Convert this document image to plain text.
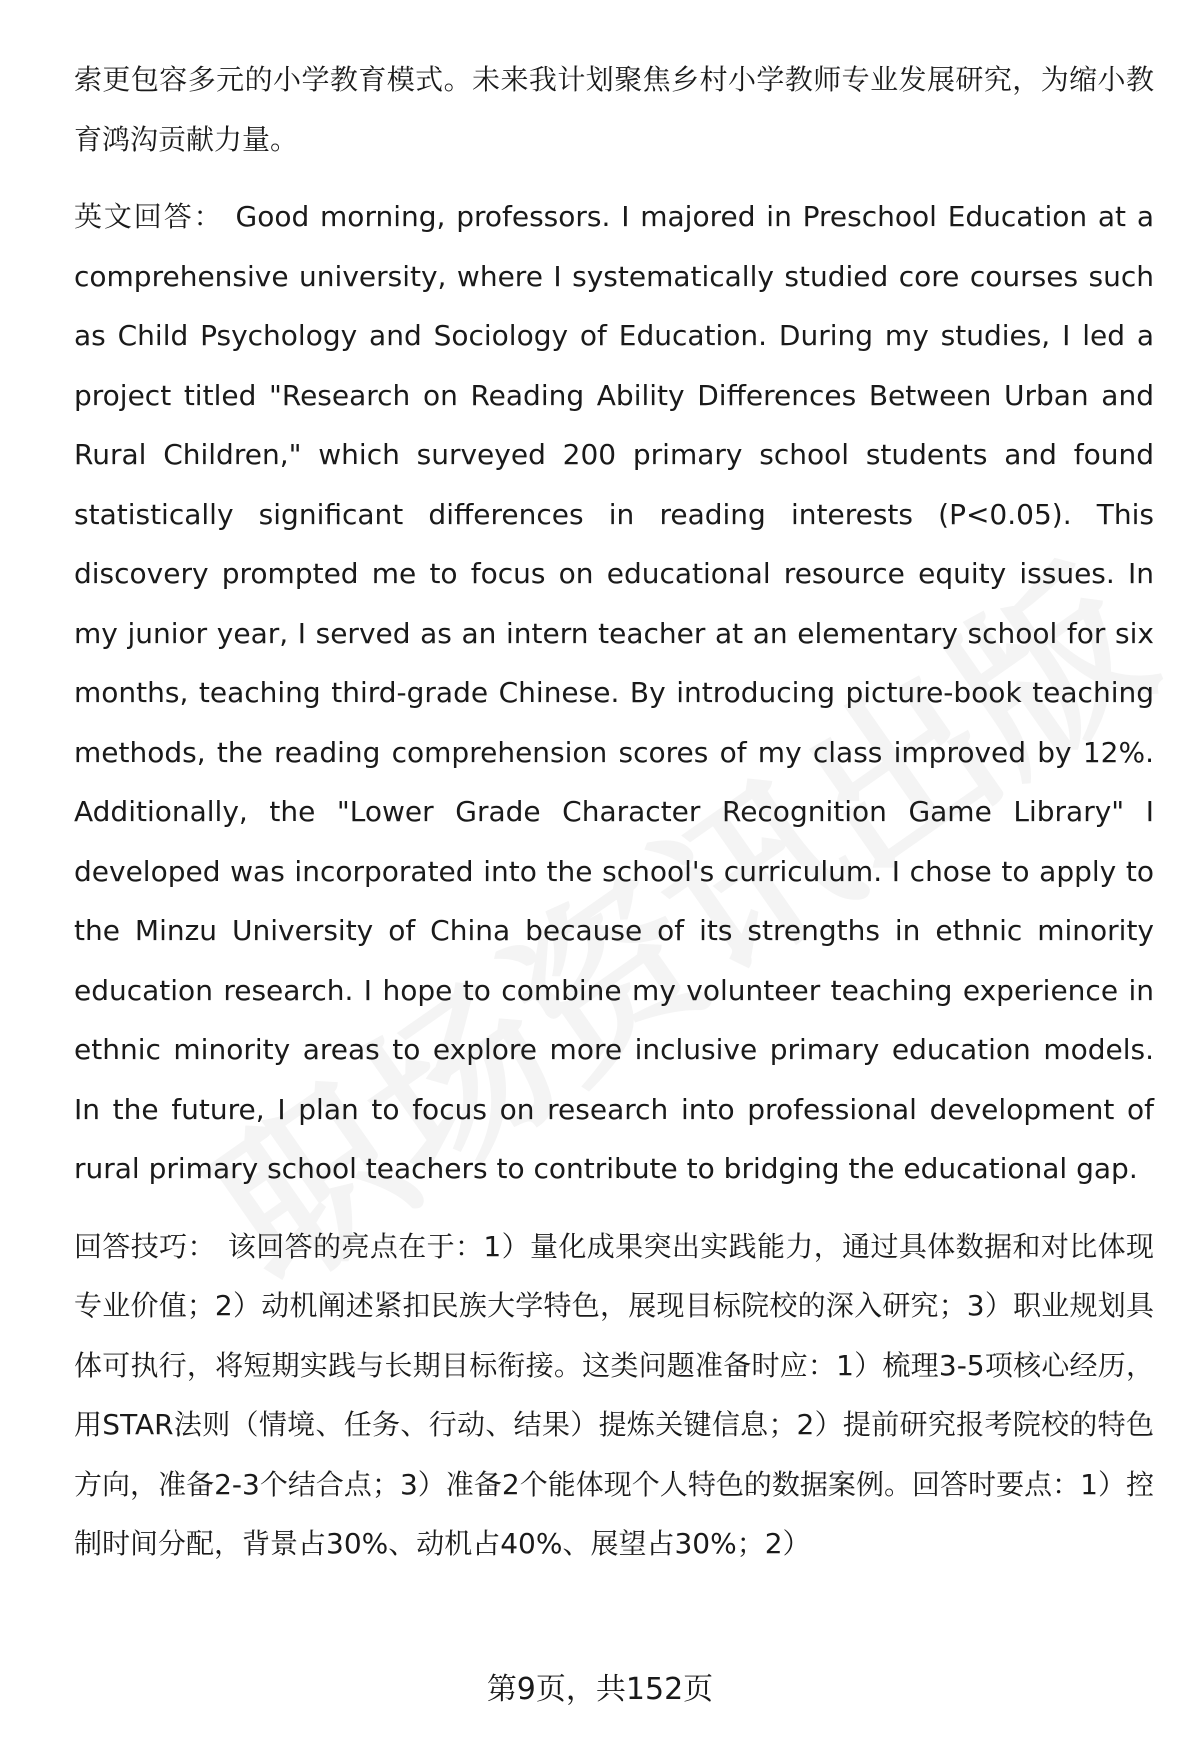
索更包容多元的小学教育模式。未来我计划聚焦乡村小学教师专业发展研究，为缩小教育鸿沟贡献力量。

英文回答： Good morning, professors. I majored in Preschool Education at a comprehensive university, where I systematically studied core courses such as Child Psychology and Sociology of Education. During my studies, I led a project titled "Research on Reading Ability Differences Between Urban and Rural Children," which surveyed 200 primary school students and found statistically significant differences in reading interests (P<0.05). This discovery prompted me to focus on educational resource equity issues. In my junior year, I served as an intern teacher at an elementary school for six months, teaching third-grade Chinese. By introducing picture-book teaching methods, the reading comprehension scores of my class improved by 12%. Additionally, the "Lower Grade Character Recognition Game Library" I developed was incorporated into the school's curriculum. I chose to apply to the Minzu University of China because of its strengths in ethnic minority education research. I hope to combine my volunteer teaching experience in ethnic minority areas to explore more inclusive primary education models. In the future, I plan to focus on research into professional development of rural primary school teachers to contribute to bridging the educational gap.

回答技巧： 该回答的亮点在于：1）量化成果突出实践能力，通过具体数据和对比体现专业价值；2）动机阐述紧扣民族大学特色，展现目标院校的深入研究；3）职业规划具体可执行，将短期实践与长期目标衔接。这类问题准备时应：1）梳理3-5项核心经历，用STAR法则（情境、任务、行动、结果）提炼关键信息；2）提前研究报考院校的特色方向，准备2-3个结合点；3）准备2个能体现个人特色的数据案例。回答时要点：1）控制时间分配，背景占30%、动机占40%、展望占30%；2）

第9页，共152页
